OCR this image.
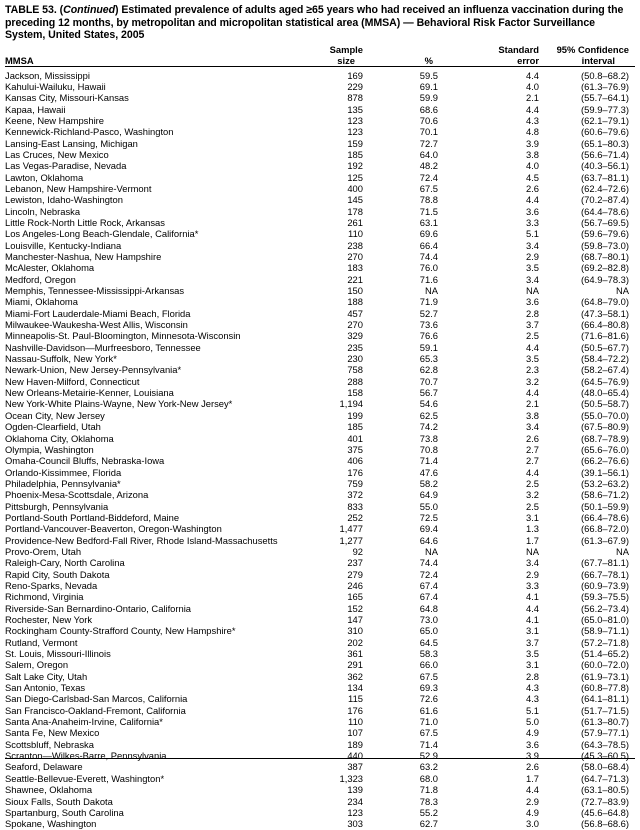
TABLE 53. (Continued) Estimated prevalence of adults aged ≥65 years who had received an influenza vaccination during the preceding 12 months, by metropolitan and micropolitan statistical area (MMSA) — Behavioral Risk Factor Surveillance System, United States, 2005
MMSA
Sample
size	%
Standard
error
95% Confidence
interval
Jackson, Mississippi	169	59.5	4.4	(50.8–68.2)
Kahului-Wailuku, Hawaii	229	69.1	4.0	(61.3–76.9)
Kansas City, Missouri-Kansas	878	59.9	2.1	(55.7–64.1)
Kapaa, Hawaii	135	68.6	4.4	(59.9–77.3)
Keene, New Hampshire	123	70.6	4.3	(62.1–79.1)
Kennewick-Richland-Pasco, Washington	123	70.1	4.8	(60.6–79.6)
Lansing-East Lansing, Michigan	159	72.7	3.9	(65.1–80.3)
Las Cruces, New Mexico	185	64.0	3.8	(56.6–71.4)
Las Vegas-Paradise, Nevada	192	48.2	4.0	(40.3–56.1)
Lawton, Oklahoma	125	72.4	4.5	(63.7–81.1)
Lebanon, New Hampshire-Vermont	400	67.5	2.6	(62.4–72.6)
Lewiston, Idaho-Washington	145	78.8	4.4	(70.2–87.4)
Lincoln, Nebraska	178	71.5	3.6	(64.4–78.6)
Little Rock-North Little Rock, Arkansas	261	63.1	3.3	(56.7–69.5)
Los Angeles-Long Beach-Glendale, California*	110	69.6	5.1	(59.6–79.6)
Louisville, Kentucky-Indiana	238	66.4	3.4	(59.8–73.0)
Manchester-Nashua, New Hampshire	270	74.4	2.9	(68.7–80.1)
McAlester, Oklahoma	183	76.0	3.5	(69.2–82.8)
Medford, Oregon	221	71.6	3.4	(64.9–78.3)
Memphis, Tennessee-Mississippi-Arkansas	150	NA	NA	NA
Miami, Oklahoma	188	71.9	3.6	(64.8–79.0)
Miami-Fort Lauderdale-Miami Beach, Florida	457	52.7	2.8	(47.3–58.1)
Milwaukee-Waukesha-West Allis, Wisconsin	270	73.6	3.7	(66.4–80.8)
Minneapolis-St. Paul-Bloomington, Minnesota-Wisconsin	329	76.6	2.5	(71.6–81.6)
Nashville-Davidson—Murfreesboro, Tennessee	235	59.1	4.4	(50.5–67.7)
Nassau-Suffolk, New York*	230	65.3	3.5	(58.4–72.2)
Newark-Union, New Jersey-Pennsylvania*	758	62.8	2.3	(58.2–67.4)
New Haven-Milford, Connecticut	288	70.7	3.2	(64.5–76.9)
New Orleans-Metairie-Kenner, Louisiana	158	56.7	4.4	(48.0–65.4)
New York-White Plains-Wayne, New York-New Jersey*	1,194	54.6	2.1	(50.5–58.7)
Ocean City, New Jersey	199	62.5	3.8	(55.0–70.0)
Ogden-Clearfield, Utah	185	74.2	3.4	(67.5–80.9)
Oklahoma City, Oklahoma	401	73.8	2.6	(68.7–78.9)
Olympia, Washington	375	70.8	2.7	(65.6–76.0)
Omaha-Council Bluffs, Nebraska-Iowa	406	71.4	2.7	(66.2–76.6)
Orlando-Kissimmee, Florida	176	47.6	4.4	(39.1–56.1)
Philadelphia, Pennsylvania*	759	58.2	2.5	(53.2–63.2)
Phoenix-Mesa-Scottsdale, Arizona	372	64.9	3.2	(58.6–71.2)
Pittsburgh, Pennsylvania	833	55.0	2.5	(50.1–59.9)
Portland-South Portland-Biddeford, Maine	252	72.5	3.1	(66.4–78.6)
Portland-Vancouver-Beaverton, Oregon-Washington	1,477	69.4	1.3	(66.8–72.0)
Providence-New Bedford-Fall River, Rhode Island-Massachusetts	1,277	64.6	1.7	(61.3–67.9)
Provo-Orem, Utah	92	NA	NA	NA
Raleigh-Cary, North Carolina	237	74.4	3.4	(67.7–81.1)
Rapid City, South Dakota	279	72.4	2.9	(66.7–78.1)
Reno-Sparks, Nevada	246	67.4	3.3	(60.9–73.9)
Richmond, Virginia	165	67.4	4.1	(59.3–75.5)
Riverside-San Bernardino-Ontario, California	152	64.8	4.4	(56.2–73.4)
Rochester, New York	147	73.0	4.1	(65.0–81.0)
Rockingham County-Strafford County, New Hampshire*	310	65.0	3.1	(58.9–71.1)
Rutland, Vermont	202	64.5	3.7	(57.2–71.8)
St. Louis, Missouri-Illinois	361	58.3	3.5	(51.4–65.2)
Salem, Oregon	291	66.0	3.1	(60.0–72.0)
Salt Lake City, Utah	362	67.5	2.8	(61.9–73.1)
San Antonio, Texas	134	69.3	4.3	(60.8–77.8)
San Diego-Carlsbad-San Marcos, California	115	72.6	4.3	(64.1–81.1)
San Francisco-Oakland-Fremont, California	176	61.6	5.1	(51.7–71.5)
Santa Ana-Anaheim-Irvine, California*	110	71.0	5.0	(61.3–80.7)
Santa Fe, New Mexico	107	67.5	4.9	(57.9–77.1)
Scottsbluff, Nebraska	189	71.4	3.6	(64.3–78.5)
Scranton—Wilkes-Barre, Pennsylvania	440	52.9	3.9	(45.3–60.5)
Seaford, Delaware	387	63.2	2.6	(58.0–68.4)
Seattle-Bellevue-Everett, Washington*	1,323	68.0	1.7	(64.7–71.3)
Shawnee, Oklahoma	139	71.8	4.4	(63.1–80.5)
Sioux Falls, South Dakota	234	78.3	2.9	(72.7–83.9)
Spartanburg, South Carolina	123	55.2	4.9	(45.6–64.8)
Spokane, Washington	303	62.7	3.0	(56.8–68.6)
